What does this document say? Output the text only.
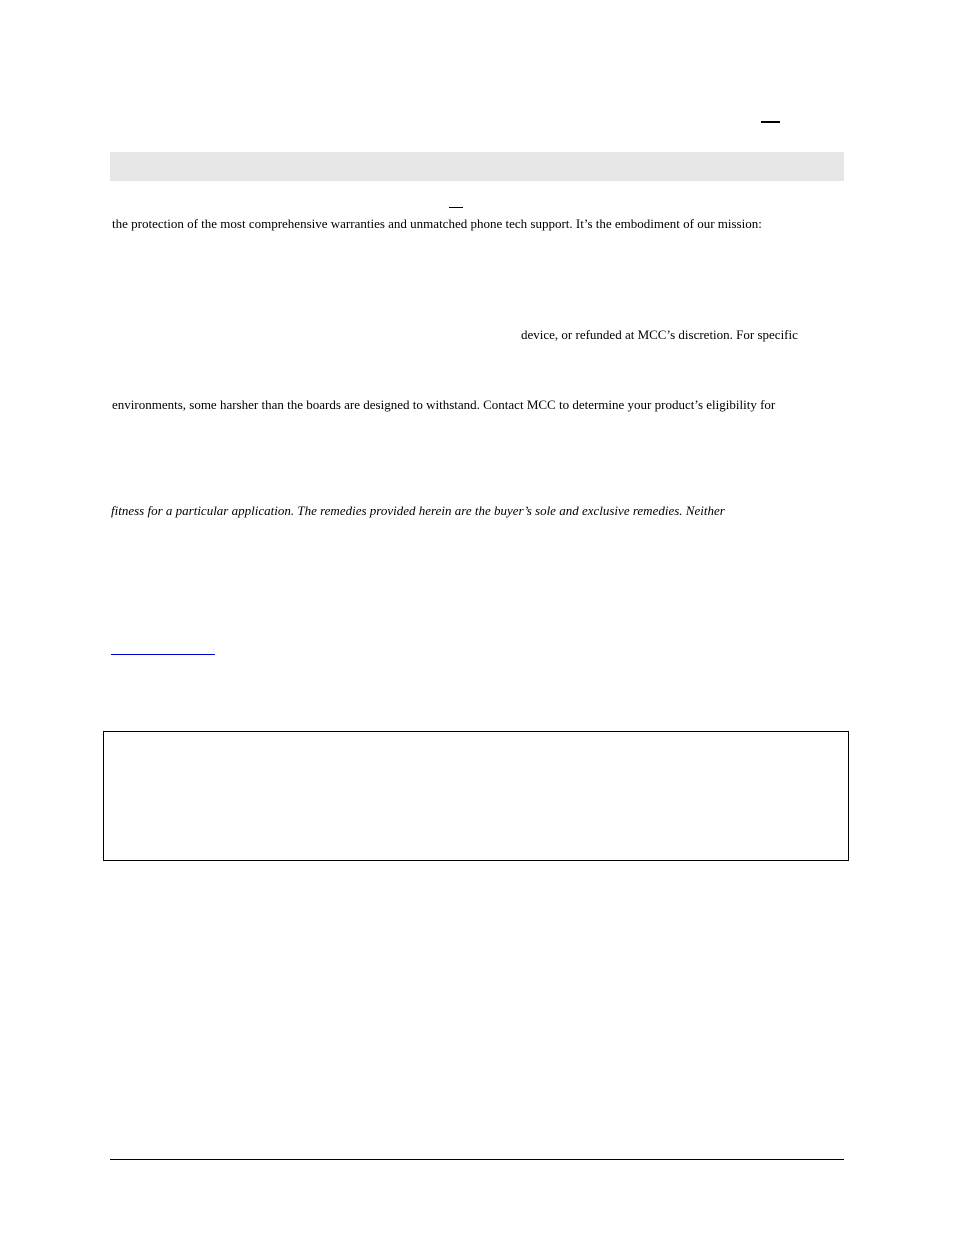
the protection of the most comprehensive warranties and unmatched phone tech support. It’s the embodiment of our mission:
device, or refunded at MCC’s discretion. For specific
environments, some harsher than the boards are designed to withstand. Contact MCC to determine your product’s eligibility for
fitness for a particular application. The remedies provided herein are the buyer’s sole and exclusive remedies. Neither
